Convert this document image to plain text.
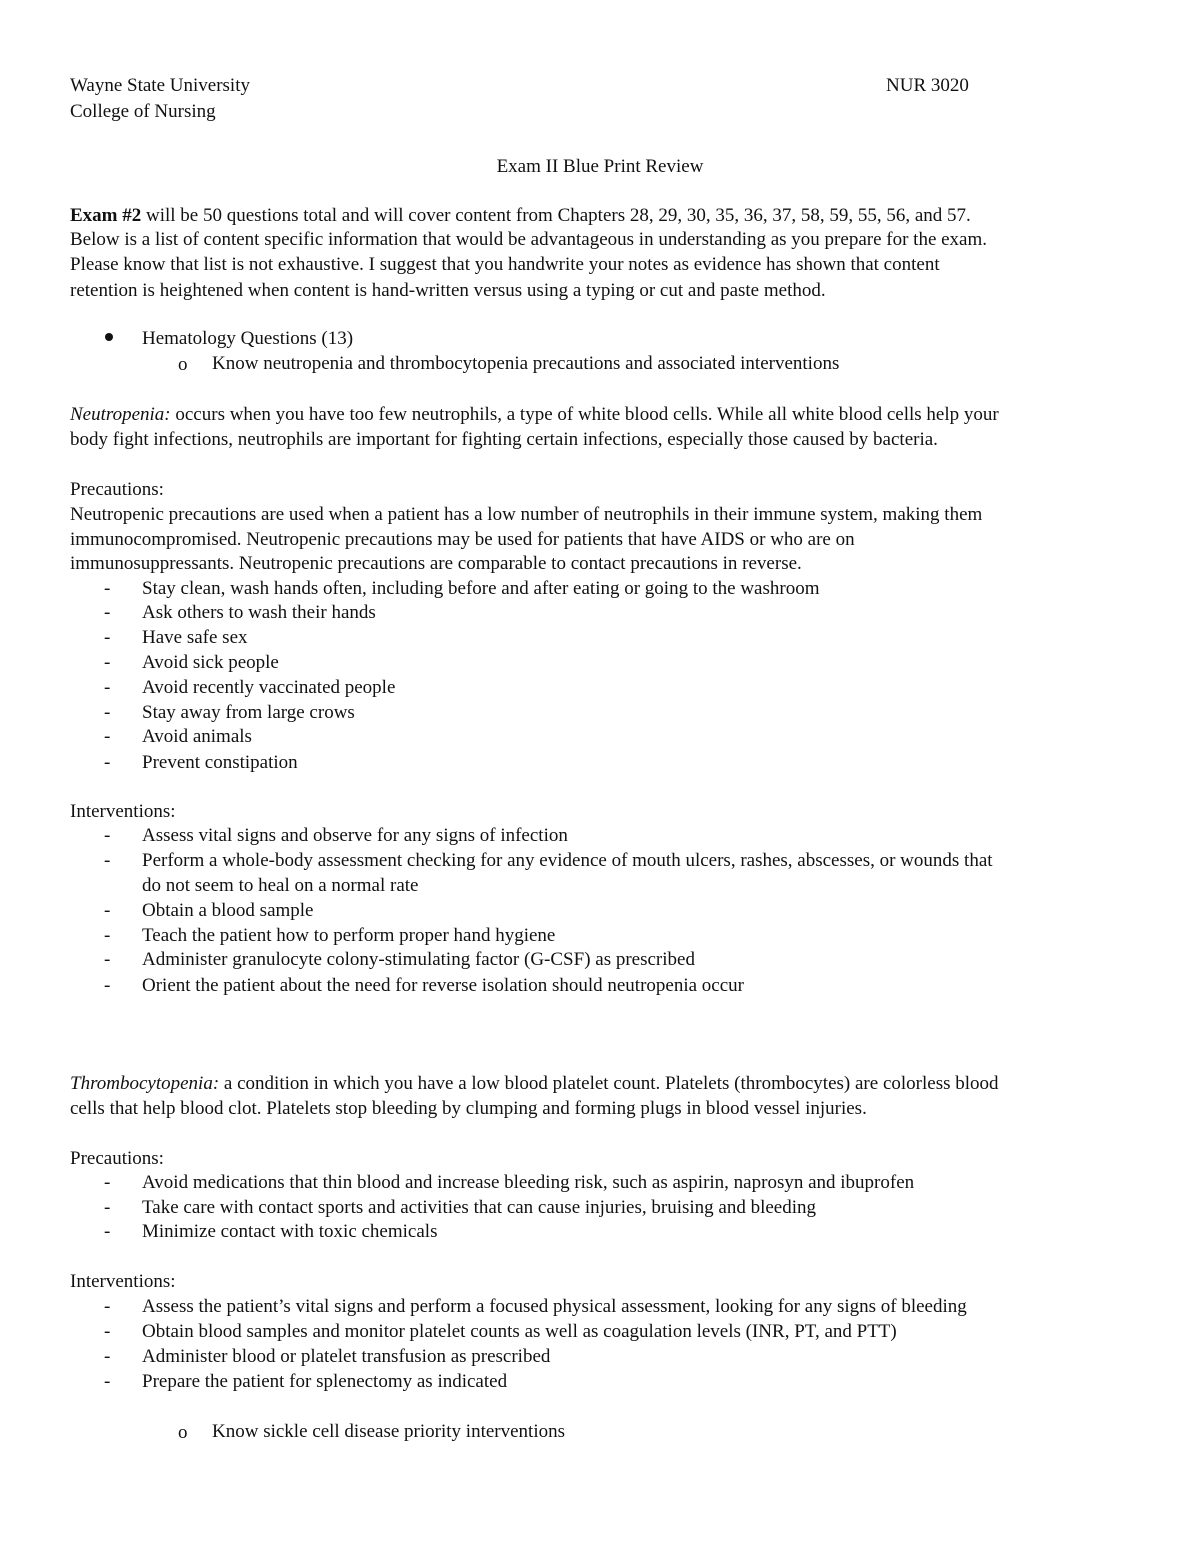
Wayne State University
College of Nursing
NUR 3020
Exam II Blue Print Review
Exam #2 will be 50 questions total and will cover content from Chapters 28, 29, 30, 35, 36, 37, 58, 59, 55, 56, and 57.
Below is a list of content specific information that would be advantageous in understanding as you prepare for the exam.
Please know that list is not exhaustive. I suggest that you handwrite your notes as evidence has shown that content
retention is heightened when content is hand-written versus using a typing or cut and paste method.
Hematology Questions (13)
o Know neutropenia and thrombocytopenia precautions and associated interventions
Neutropenia: occurs when you have too few neutrophils, a type of white blood cells. While all white blood cells help your
body fight infections, neutrophils are important for fighting certain infections, especially those caused by bacteria.
Precautions:
Neutropenic precautions are used when a patient has a low number of neutrophils in their immune system, making them
immunocompromised. Neutropenic precautions may be used for patients that have AIDS or who are on
immunosuppressants. Neutropenic precautions are comparable to contact precautions in reverse.
- Stay clean, wash hands often, including before and after eating or going to the washroom
- Ask others to wash their hands
- Have safe sex
- Avoid sick people
- Avoid recently vaccinated people
- Stay away from large crows
- Avoid animals
- Prevent constipation
Interventions:
- Assess vital signs and observe for any signs of infection
- Perform a whole-body assessment checking for any evidence of mouth ulcers, rashes, abscesses, or wounds that
do not seem to heal on a normal rate
- Obtain a blood sample
- Teach the patient how to perform proper hand hygiene
- Administer granulocyte colony-stimulating factor (G-CSF) as prescribed
- Orient the patient about the need for reverse isolation should neutropenia occur
Thrombocytopenia: a condition in which you have a low blood platelet count. Platelets (thrombocytes) are colorless blood
cells that help blood clot. Platelets stop bleeding by clumping and forming plugs in blood vessel injuries.
Precautions:
- Avoid medications that thin blood and increase bleeding risk, such as aspirin, naprosyn and ibuprofen
- Take care with contact sports and activities that can cause injuries, bruising and bleeding
- Minimize contact with toxic chemicals
Interventions:
- Assess the patient’s vital signs and perform a focused physical assessment, looking for any signs of bleeding
- Obtain blood samples and monitor platelet counts as well as coagulation levels (INR, PT, and PTT)
- Administer blood or platelet transfusion as prescribed
- Prepare the patient for splenectomy as indicated
o Know sickle cell disease priority interventions
